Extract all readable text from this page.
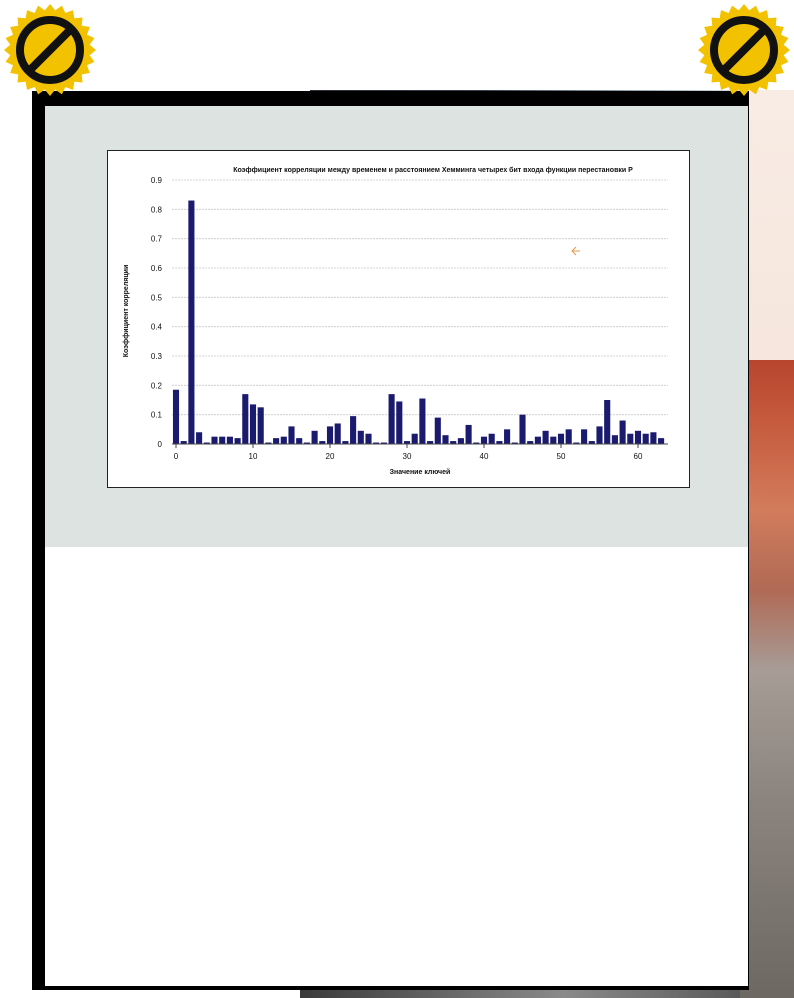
0
0.1
0.2
0.3
0.4
0.5
0.6
0.7
0.8
0.9
0	10	20	30	40	50	60
Коэффициент корреляции между временем и расстоянием Хемминга четырех бит входа функции перестановки Р
Значение ключей
Коэффициент корреляции
